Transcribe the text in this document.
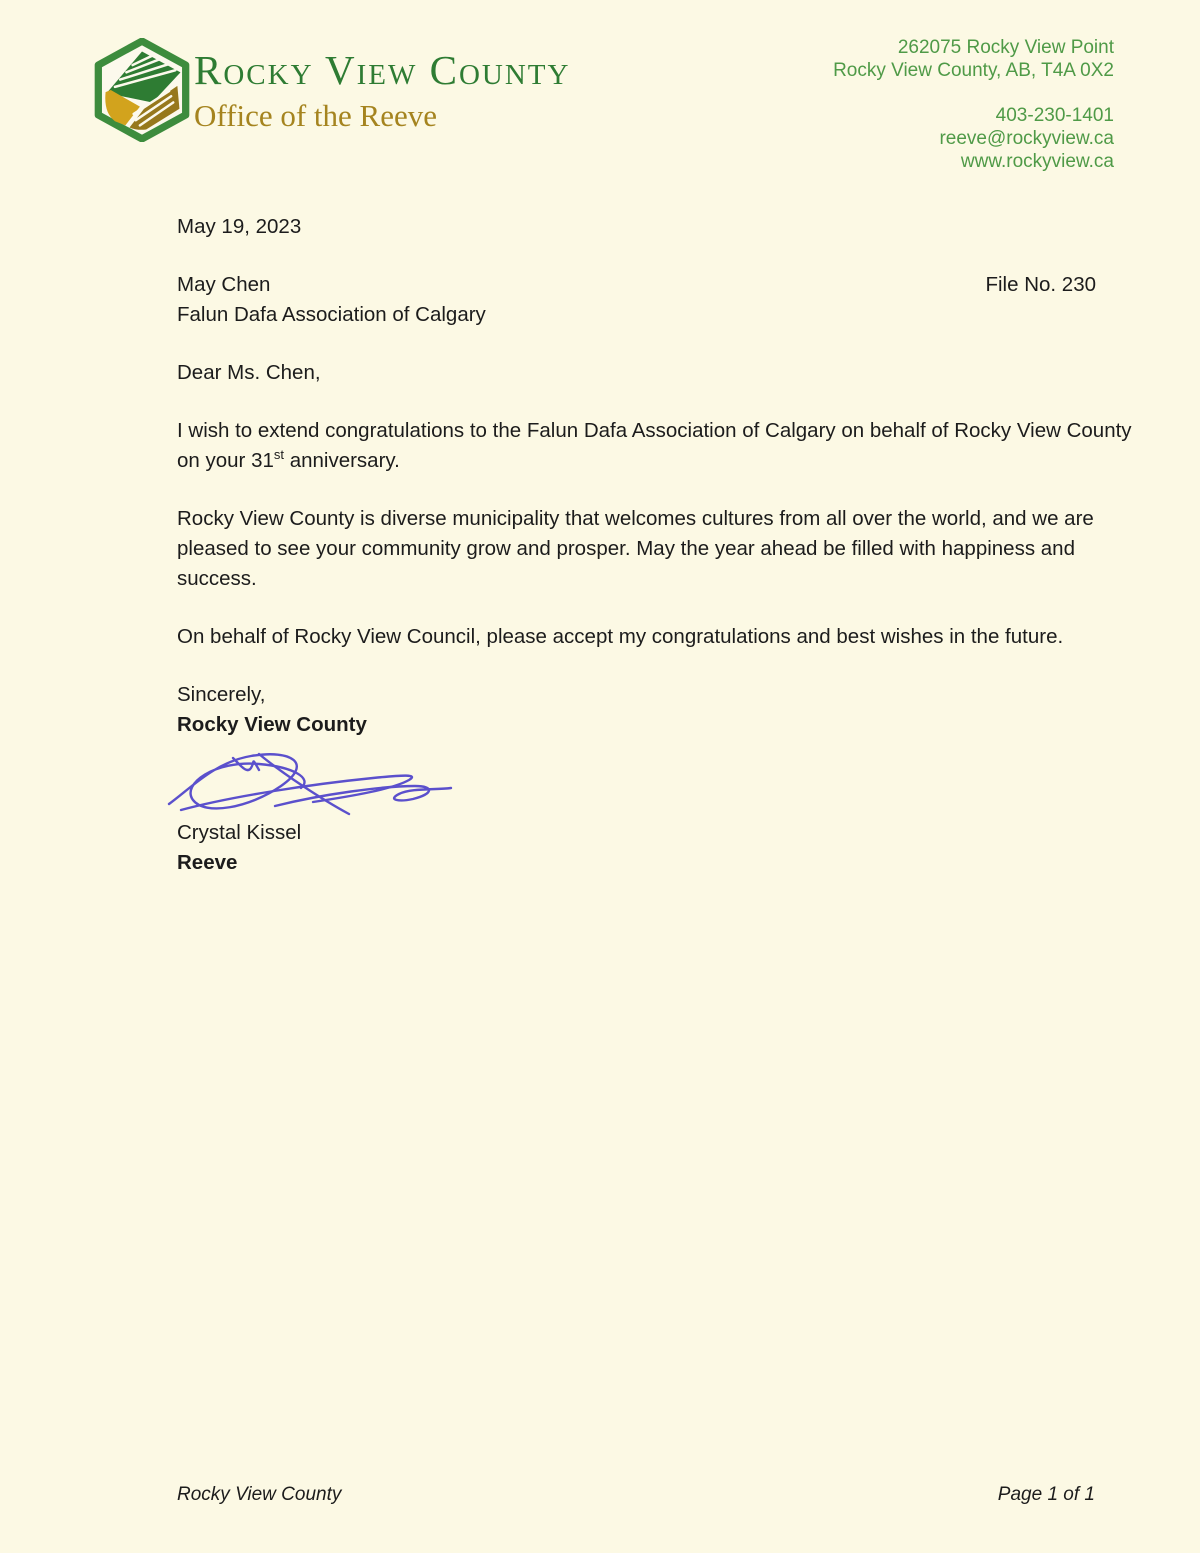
Rocky View County
Office of the Reeve
262075 Rocky View Point
Rocky View County, AB, T4A 0X2
403-230-1401
reeve@rockyview.ca
www.rockyview.ca

May 19, 2023

May Chen	File No. 230
Falun Dafa Association of Calgary

Dear Ms. Chen,

I wish to extend congratulations to the Falun Dafa Association of Calgary on behalf of Rocky View County on your 31st anniversary.

Rocky View County is diverse municipality that welcomes cultures from all over the world, and we are pleased to see your community grow and prosper. May the year ahead be filled with happiness and success.

On behalf of Rocky View Council, please accept my congratulations and best wishes in the future.

Sincerely,

Rocky View County

Crystal Kissel

Reeve

Rocky View County	Page 1 of 1
